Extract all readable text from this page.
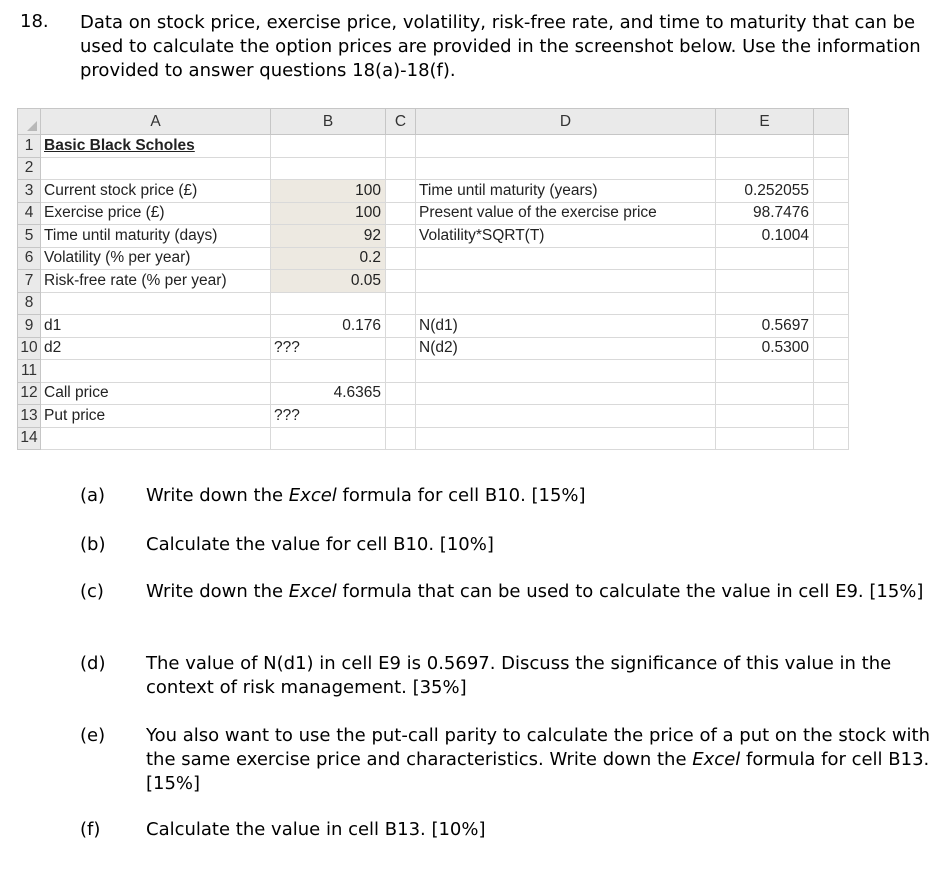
18. Data on stock price, exercise price, volatility, risk-free rate, and time to maturity that can be used to calculate the option prices are provided in the screenshot below. Use the information provided to answer questions 18(a)-18(f).

	A	B	C	D	E	
1	Basic Black Scholes					
2						
3	Current stock price (£)	100		Time until maturity (years)	0.252055	
4	Exercise price (£)	100		Present value of the exercise price	98.7476	
5	Time until maturity (days)	92		Volatility*SQRT(T)	0.1004	
6	Volatility (% per year)	0.2				
7	Risk-free rate (% per year)	0.05				
8						
9	d1	0.176		N(d1)	0.5697	
10	d2	???		N(d2)	0.5300	
11						
12	Call price	4.6365				
13	Put price	???				
14						
(a) Write down the Excel formula for cell B10. [15%]
(b) Calculate the value for cell B10. [10%]
(c) Write down the Excel formula that can be used to calculate the value in cell E9. [15%]
(d) The value of N(d1) in cell E9 is 0.5697. Discuss the significance of this value in the context of risk management. [35%]
(e) You also want to use the put-call parity to calculate the price of a put on the stock with the same exercise price and characteristics. Write down the Excel formula for cell B13. [15%]
(f)	Calculate the value in cell B13. [10%]
